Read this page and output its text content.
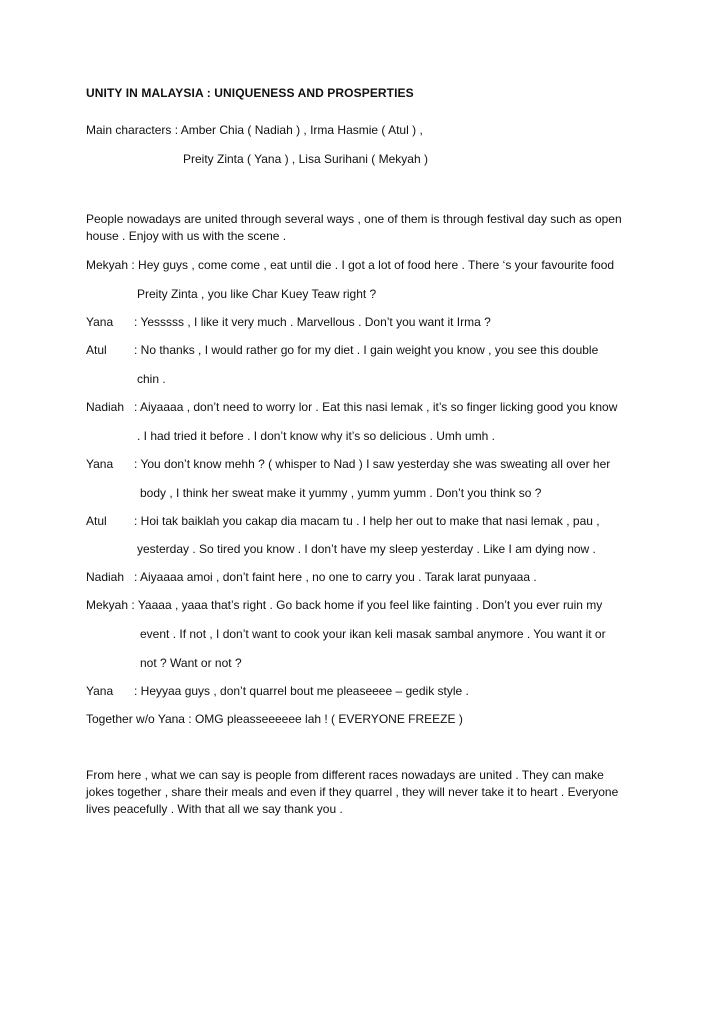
UNITY IN MALAYSIA : UNIQUENESS AND PROSPERTIES
Main characters : Amber Chia ( Nadiah ) , Irma Hasmie ( Atul ) ,
Preity Zinta ( Yana ) , Lisa Surihani ( Mekyah )
People nowadays are united through several ways , one of them is through festival day such as open
house . Enjoy with us with the scene .
Mekyah : Hey guys , come come , eat until die . I got a lot of food here . There ‘s your favourite food
Preity Zinta , you like Char Kuey Teaw right ?
Yana : Yesssss , I like it very much . Marvellous . Don’t you want it Irma ?
Atul : No thanks , I would rather go for my diet . I gain weight you know , you see this double
chin .
Nadiah : Aiyaaaa , don’t need to worry lor . Eat this nasi lemak , it’s so finger licking good you know
. I had tried it before . I don’t know why it’s so delicious . Umh umh .
Yana : You don’t know mehh ? ( whisper to Nad ) I saw yesterday she was sweating all over her
body , I think her sweat make it yummy , yumm yumm . Don’t you think so ?
Atul : Hoi tak baiklah you cakap dia macam tu . I help her out to make that nasi lemak , pau ,
yesterday . So tired you know . I don’t have my sleep yesterday . Like I am dying now .
Nadiah : Aiyaaaa amoi , don’t faint here , no one to carry you . Tarak larat punyaaa .
Mekyah : Yaaaa , yaaa that’s right . Go back home if you feel like fainting . Don’t you ever ruin my
event . If not , I don’t want to cook your ikan keli masak sambal anymore . You want it or
not ? Want or not ?
Yana : Heyyaa guys , don’t quarrel bout me pleaseeee – gedik style .
Together w/o Yana : OMG pleasseeeeee lah ! ( EVERYONE FREEZE )
From here , what we can say is people from different races nowadays are united . They can make
jokes together , share their meals and even if they quarrel , they will never take it to heart . Everyone
lives peacefully . With that all we say thank you .
